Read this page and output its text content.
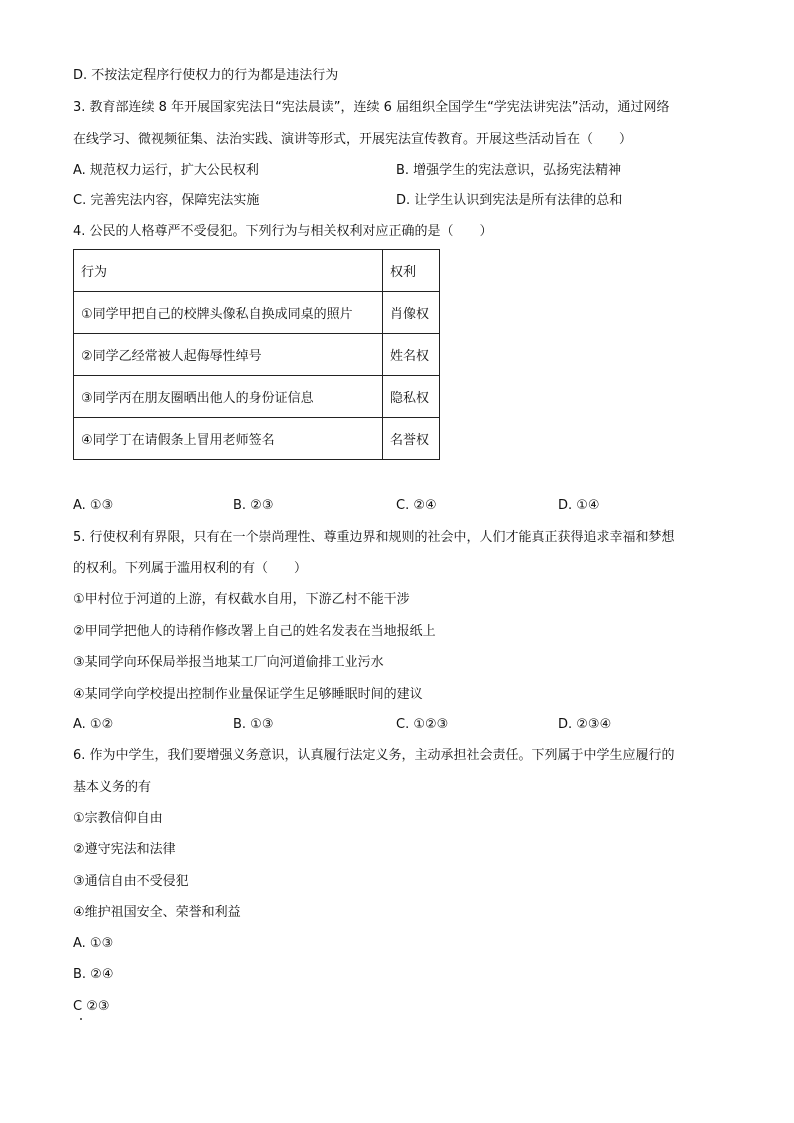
D. 不按法定程序行使权力的行为都是违法行为
3. 教育部连续 8 年开展国家宪法日“宪法晨读”，连续 6 届组织全国学生“学宪法讲宪法”活动，通过网络
在线学习、微视频征集、法治实践、演讲等形式，开展宪法宣传教育。开展这些活动旨在（　　）
A. 规范权力运行，扩大公民权利	B. 增强学生的宪法意识，弘扬宪法精神
C. 完善宪法内容，保障宪法实施	D. 让学生认识到宪法是所有法律的总和
4. 公民的人格尊严不受侵犯。下列行为与相关权利对应正确的是（　　）
行为	权利
①同学甲把自己的校牌头像私自换成同桌的照片	肖像权
②同学乙经常被人起侮辱性绰号	姓名权
③同学丙在朋友圈晒出他人的身份证信息	隐私权
④同学丁在请假条上冒用老师签名	名誉权
A. ①③	B. ②③	C. ②④	D. ①④
5. 行使权利有界限，只有在一个崇尚理性、尊重边界和规则的社会中，人们才能真正获得追求幸福和梦想
的权利。下列属于滥用权利的有（　　）
①甲村位于河道的上游，有权截水自用，下游乙村不能干涉
②甲同学把他人的诗稍作修改署上自己的姓名发表在当地报纸上
③某同学向环保局举报当地某工厂向河道偷排工业污水
④某同学向学校提出控制作业量保证学生足够睡眠时间的建议
A. ①②	B. ①③	C. ①②③	D. ②③④
6. 作为中学生，我们要增强义务意识，认真履行法定义务，主动承担社会责任。下列属于中学生应履行的
基本义务的有
①宗教信仰自由
②遵守宪法和法律
③通信自由不受侵犯
④维护祖国安全、荣誉和利益
A. ①③
B. ②④
C ②③
